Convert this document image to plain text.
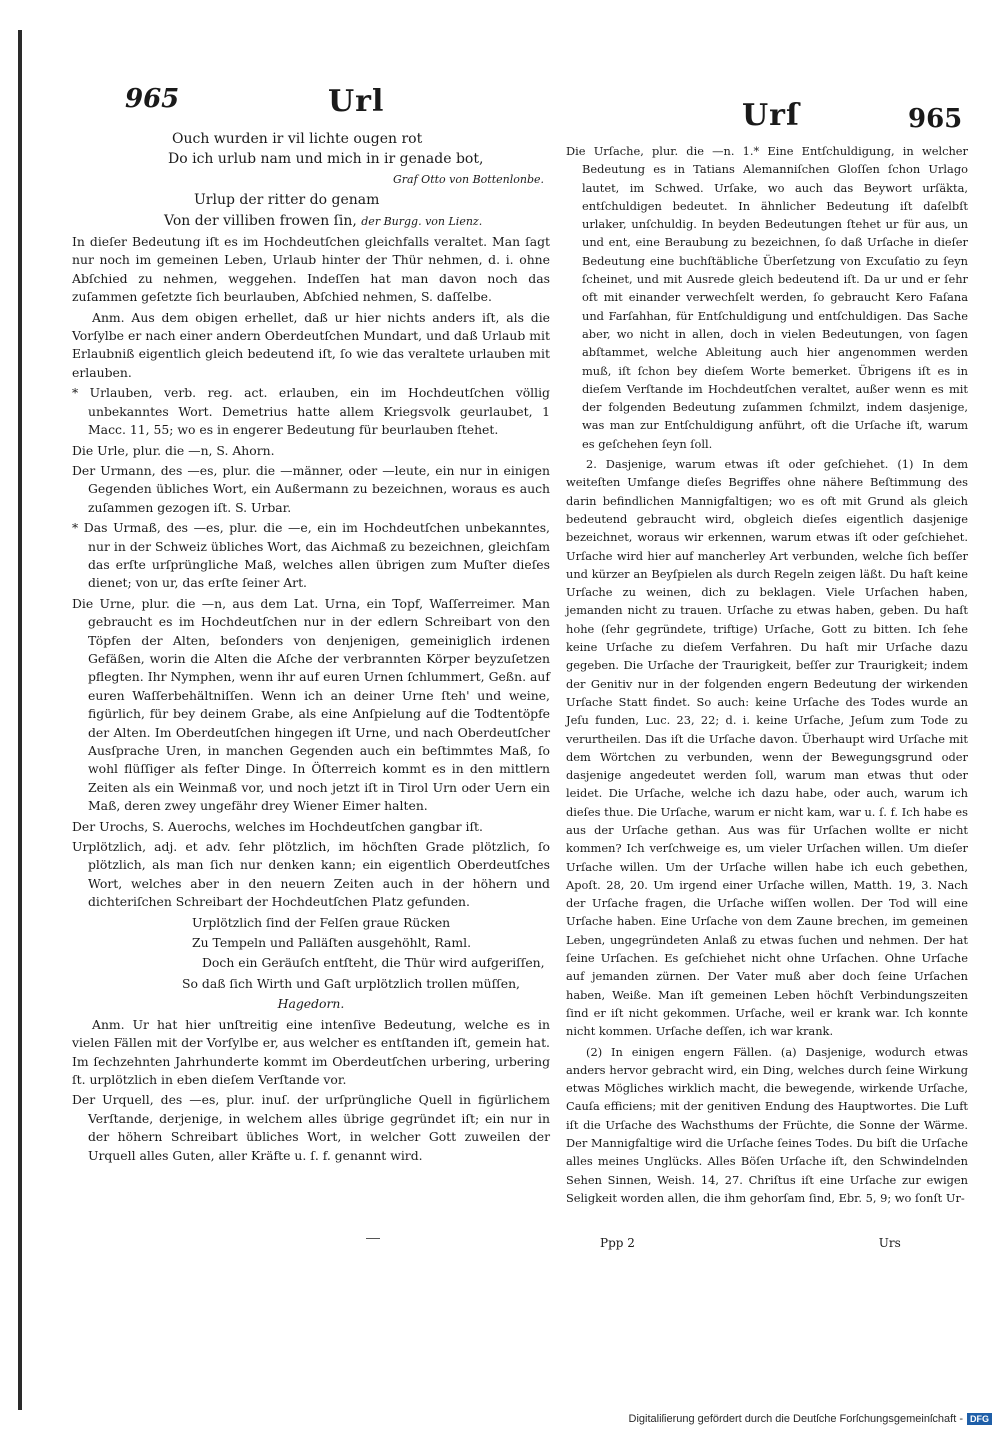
965	Url	Urſ	965

Ouch wurden ir vil lichte ougen rot

Do ich urlub nam und mich in ir genade bot,

Graf Otto von Bottenlonbe.

Urlup der ritter do genam

Von der villiben frowen ſin, der Burgg. von Lienz.

In dieſer Bedeutung iſt es im Hochdeutſchen gleichfalls veraltet. Man ſagt nur noch im gemeinen Leben, Urlaub hinter der Thür nehmen, d. i. ohne Abſchied zu nehmen, weggehen. Indeſſen hat man davon noch das zuſammen geſetzte ſich beurlauben, Abſchied nehmen, S. daſſelbe.

Anm. Aus dem obigen erhellet, daß ur hier nichts anders iſt, als die Vorſylbe er nach einer andern Oberdeutſchen Mundart, und daß Urlaub mit Erlaubniß eigentlich gleich bedeutend iſt, ſo wie das veraltete urlauben mit erlauben.

* Urlauben, verb. reg. act. erlauben, ein im Hochdeutſchen völlig unbekanntes Wort. Demetrius hatte allem Kriegsvolk geurlaubet, 1 Macc. 11, 55; wo es in engerer Bedeutung für beurlauben ſtehet.

Die Urle, plur. die —n, S. Ahorn.

Der Urmann, des —es, plur. die —männer, oder —leute, ein nur in einigen Gegenden übliches Wort, ein Außermann zu bezeichnen, woraus es auch zuſammen gezogen iſt. S. Urbar.

* Das Urmaß, des —es, plur. die —e, ein im Hochdeutſchen unbekanntes, nur in der Schweiz übliches Wort, das Aichmaß zu bezeichnen, gleichſam das erſte urſprüngliche Maß, welches allen übrigen zum Muſter dieſes dienet; von ur, das erſte ſeiner Art.

Die Urne, plur. die —n, aus dem Lat. Urna, ein Topf, Waſſerreimer. Man gebraucht es im Hochdeutſchen nur in der edlern Schreibart von den Töpfen der Alten, beſonders von denjenigen, gemeiniglich irdenen Gefäßen, worin die Alten die Aſche der verbrannten Körper beyzuſetzen pflegten. Ihr Nymphen, wenn ihr auf euren Urnen ſchlummert, Geßn. auf euren Waſſerbehältniſſen. Wenn ich an deiner Urne ſteh' und weine, figürlich, für bey deinem Grabe, als eine Anſpielung auf die Todtentöpfe der Alten. Im Oberdeutſchen hingegen iſt Urne, und nach Oberdeutſcher Ausſprache Uren, in manchen Gegenden auch ein beſtimmtes Maß, ſo wohl flüſſiger als feſter Dinge. In Öſterreich kommt es in den mittlern Zeiten als ein Weinmaß vor, und noch jetzt iſt in Tirol Urn oder Uern ein Maß, deren zwey ungefähr drey Wiener Eimer halten.

Der Urochs, S. Auerochs, welches im Hochdeutſchen gangbar iſt.

Urplötzlich, adj. et adv. ſehr plötzlich, im höchſten Grade plötzlich, ſo plötzlich, als man ſich nur denken kann; ein eigentlich Oberdeutſches Wort, welches aber in den neuern Zeiten auch in der höhern und dichteriſchen Schreibart der Hochdeutſchen Platz gefunden.

Urplötzlich ſind der Felſen graue Rücken

Zu Tempeln und Palläſten ausgehöhlt, Raml.

Doch ein Geräuſch entſteht, die Thür wird aufgeriſſen,

So daß ſich Wirth und Gaſt urplötzlich trollen müſſen,

Hagedorn.

Anm. Ur hat hier unſtreitig eine intenſive Bedeutung, welche es in vielen Fällen mit der Vorſylbe er, aus welcher es entſtanden iſt, gemein hat. Im ſechzehnten Jahrhunderte kommt im Oberdeutſchen urbering, urbering ſt. urplötzlich in eben dieſem Verſtande vor.

Der Urquell, des —es, plur. inuſ. der urſprüngliche Quell in figürlichem Verſtande, derjenige, in welchem alles übrige gegründet iſt; ein nur in der höhern Schreibart übliches Wort, in welcher Gott zuweilen der Urquell alles Guten, aller Kräfte u. ſ. f. genannt wird.

Die Urſache, plur. die —n. 1.* Eine Entſchuldigung, in welcher Bedeutung es in Tatians Alemanniſchen Gloſſen ſchon Urlago lautet, im Schwed. Urſake, wo auch das Beywort urſäkta, entſchuldigen bedeutet. In ähnlicher Bedeutung iſt daſelbſt urlaker, unſchuldig. In beyden Bedeutungen ſtehet ur für aus, un und ent, eine Beraubung zu bezeichnen, ſo daß Urſache in dieſer Bedeutung eine buchſtäbliche Überſetzung von Excuſatio zu ſeyn ſcheinet, und mit Ausrede gleich bedeutend iſt. Da ur und er ſehr oft mit einander verwechſelt werden, ſo gebraucht Kero Faſana und Farſahhan, für Entſchuldigung und entſchuldigen. Das Sache aber, wo nicht in allen, doch in vielen Bedeutungen, von ſagen abſtammet, welche Ableitung auch hier angenommen werden muß, iſt ſchon bey dieſem Worte bemerket. Übrigens iſt es in dieſem Verſtande im Hochdeutſchen veraltet, außer wenn es mit der folgenden Bedeutung zuſammen ſchmilzt, indem dasjenige, was man zur Entſchuldigung anführt, oft die Urſache iſt, warum es geſchehen ſeyn ſoll.

2. Dasjenige, warum etwas iſt oder geſchiehet. (1) In dem weiteſten Umfange dieſes Begriffes ohne nähere Beſtimmung des darin befindlichen Mannigfaltigen; wo es oft mit Grund als gleich bedeutend gebraucht wird, obgleich dieſes eigentlich dasjenige bezeichnet, woraus wir erkennen, warum etwas iſt oder geſchiehet. Urſache wird hier auf mancherley Art verbunden, welche ſich beſſer und kürzer an Beyſpielen als durch Regeln zeigen läßt. Du haſt keine Urſache zu weinen, dich zu beklagen. Viele Urſachen haben, jemanden nicht zu trauen. Urſache zu etwas haben, geben. Du haſt hohe (ſehr gegründete, triftige) Urſache, Gott zu bitten. Ich ſehe keine Urſache zu dieſem Verfahren. Du haſt mir Urſache dazu gegeben. Die Urſache der Traurigkeit, beſſer zur Traurigkeit; indem der Genitiv nur in der folgenden engern Bedeutung der wirkenden Urſache Statt findet. So auch: keine Urſache des Todes wurde an Jeſu funden, Luc. 23, 22; d. i. keine Urſache, Jeſum zum Tode zu verurtheilen. Das iſt die Urſache davon. Überhaupt wird Urſache mit dem Wörtchen zu verbunden, wenn der Bewegungsgrund oder dasjenige angedeutet werden ſoll, warum man etwas thut oder leidet. Die Urſache, welche ich dazu habe, oder auch, warum ich dieſes thue. Die Urſache, warum er nicht kam, war u. ſ. f. Ich habe es aus der Urſache gethan. Aus was für Urſachen wollte er nicht kommen? Ich verſchweige es, um vieler Urſachen willen. Um dieſer Urſache willen. Um der Urſache willen habe ich euch gebethen, Apoſt. 28, 20. Um irgend einer Urſache willen, Matth. 19, 3. Nach der Urſache fragen, die Urſache wiſſen wollen. Der Tod will eine Urſache haben. Eine Urſache von dem Zaune brechen, im gemeinen Leben, ungegründeten Anlaß zu etwas ſuchen und nehmen. Der hat ſeine Urſachen. Es geſchiehet nicht ohne Urſachen. Ohne Urſache auf jemanden zürnen. Der Vater muß aber doch ſeine Urſachen haben, Weiße. Man iſt gemeinen Leben höchſt Verbindungszeiten ſind er iſt nicht gekommen. Urſache, weil er krank war. Ich konnte nicht kommen. Urſache deſſen, ich war krank.

(2) In einigen engern Fällen. (a) Dasjenige, wodurch etwas anders hervor gebracht wird, ein Ding, welches durch ſeine Wirkung etwas Mögliches wirklich macht, die bewegende, wirkende Urſache, Cauſa efficiens; mit der genitiven Endung des Hauptwortes. Die Luft iſt die Urſache des Wachsthums der Früchte, die Sonne der Wärme. Der Mannigfaltige wird die Urſache ſeines Todes. Du biſt die Urſache alles meines Unglücks. Alles Böſen Urſache iſt, den Schwindelnden Sehen Sinnen, Weish. 14, 27. Chriſtus iſt eine Urſache zur ewigen Seligkeit worden allen, die ihm gehorſam ſind, Ebr. 5, 9; wo ſonſt Ur-

Ppp 2	Urs
Digitaliſierung gefördert durch die Deutſche Forſchungsgemeinſchaft - DFG
